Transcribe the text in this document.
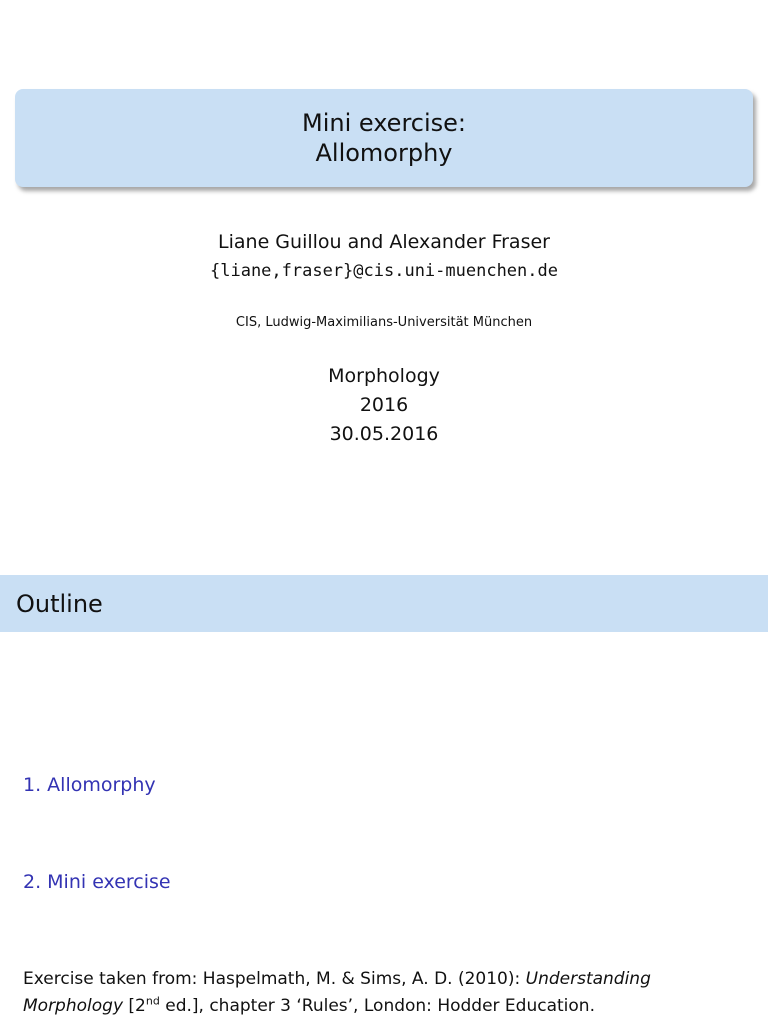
Mini exercise:
Allomorphy
Liane Guillou and Alexander Fraser
{liane,fraser}@cis.uni-muenchen.de
CIS, Ludwig-Maximilians-Universität München
Morphology
2016
30.05.2016
Outline
1. Allomorphy
2. Mini exercise
Exercise taken from: Haspelmath, M. & Sims, A. D. (2010): Understanding Morphology [2nd ed.], chapter 3 ‘Rules’, London: Hodder Education.
